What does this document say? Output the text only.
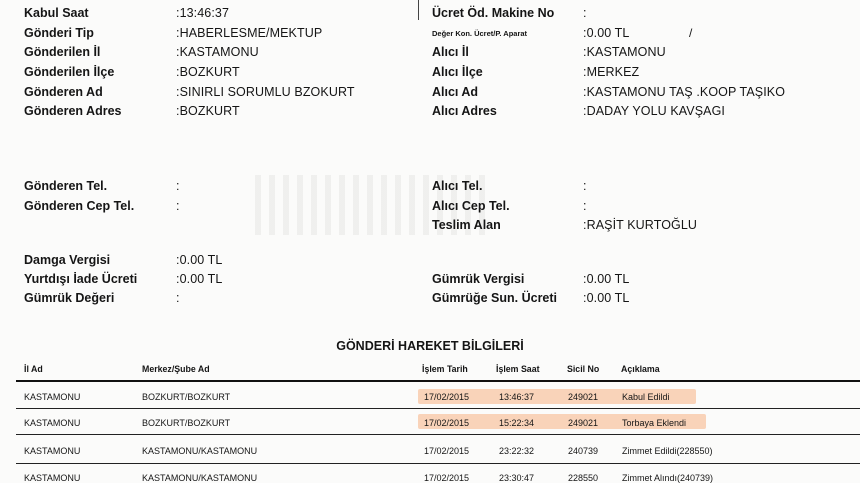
Kabul Saat	:13:46:37
Gönderi Tip	:HABERLESME/MEKTUP
Gönderilen İl	:KASTAMONU
Gönderilen İlçe	:BOZKURT
Gönderen Ad	:SINIRLI SORUMLU BZOKURT
Gönderen Adres	:BOZKURT
Gönderen Tel.	:
Gönderen Cep Tel.	:
Damga Vergisi	:0.00 TL
Yurtdışı İade Ücreti	:0.00 TL
Gümrük Değeri	:
Ücret Öd. Makine No :
Değer Kon. Ücret/P. Aparat	:0.00 TL	/
Alıcı İl	:KASTAMONU
Alıcı İlçe	:MERKEZ
Alıcı Ad	:KASTAMONU TAŞ .KOOP TAŞIKO
Alıcı Adres	:DADAY YOLU KAVŞAGI
Alıcı Tel.	:
Alıcı Cep Tel.	:
Teslim Alan	:RAŞİT KURTOĞLU
Gümrük Vergisi	:0.00 TL
Gümrüğe Sun. Ücreti :0.00 TL
GÖNDERİ HAREKET BİLGİLERİ
İl Ad	Merkez/Şube Ad	İşlem Tarih	İşlem Saat	Sicil No Açıklama
KASTAMONU	BOZKURT/BOZKURT	17/02/2015	13:46:37	249021	Kabul Edildi
KASTAMONU	BOZKURT/BOZKURT	17/02/2015	15:22:34	249021	Torbaya Eklendi
KASTAMONU	KASTAMONU/KASTAMONU	17/02/2015	23:22:32	240739	Zimmet Edildi(228550)
KASTAMONU	KASTAMONU/KASTAMONU	17/02/2015	23:30:47	228550	Zimmet Alındı(240739)
